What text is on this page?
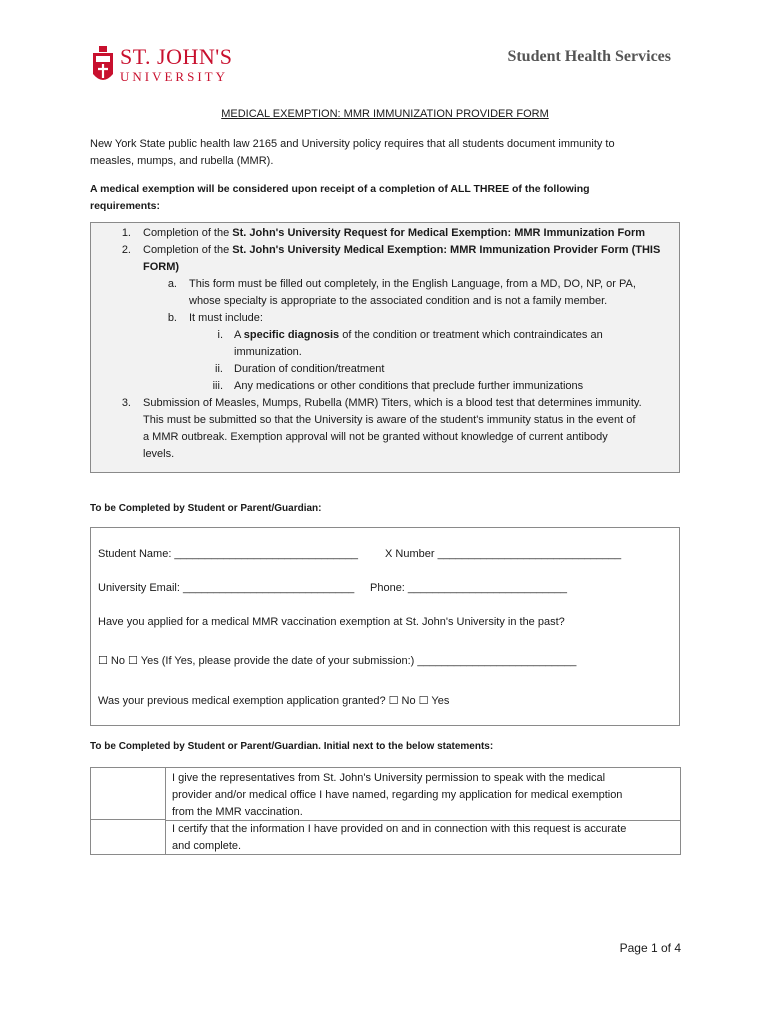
ST. JOHN'S
UNIVERSITY
Student Health Services
MEDICAL EXEMPTION: MMR IMMUNIZATION PROVIDER FORM
New York State public health law 2165 and University policy requires that all students document immunity to
measles, mumps, and rubella (MMR).
A medical exemption will be considered upon receipt of a completion of ALL THREE of the following
requirements:
1. Completion of the St. John's University Request for Medical Exemption: MMR Immunization Form
2. Completion of the St. John's University Medical Exemption: MMR Immunization Provider Form (THIS
FORM)
a. This form must be filled out completely, in the English Language, from a MD, DO, NP, or PA,
whose specialty is appropriate to the associated condition and is not a family member.
b. It must include:
i. A specific diagnosis of the condition or treatment which contraindicates an
immunization.
ii. Duration of condition/treatment
iii. Any medications or other conditions that preclude further immunizations
3. Submission of Measles, Mumps, Rubella (MMR) Titers, which is a blood test that determines immunity.
This must be submitted so that the University is aware of the student's immunity status in the event of
a MMR outbreak. Exemption approval will not be granted without knowledge of current antibody
levels.
To be Completed by Student or Parent/Guardian:
Student Name: ______________________________ X Number ______________________________
University Email: ____________________________ Phone: __________________________
Have you applied for a medical MMR vaccination exemption at St. John's University in the past?
☐ No ☐ Yes (If Yes, please provide the date of your submission:) __________________________
Was your previous medical exemption application granted? ☐ No ☐ Yes
To be Completed by Student or Parent/Guardian. Initial next to the below statements:
I give the representatives from St. John's University permission to speak with the medical
provider and/or medical office I have named, regarding my application for medical exemption
from the MMR vaccination.
I certify that the information I have provided on and in connection with this request is accurate
and complete.
Page 1 of 4
